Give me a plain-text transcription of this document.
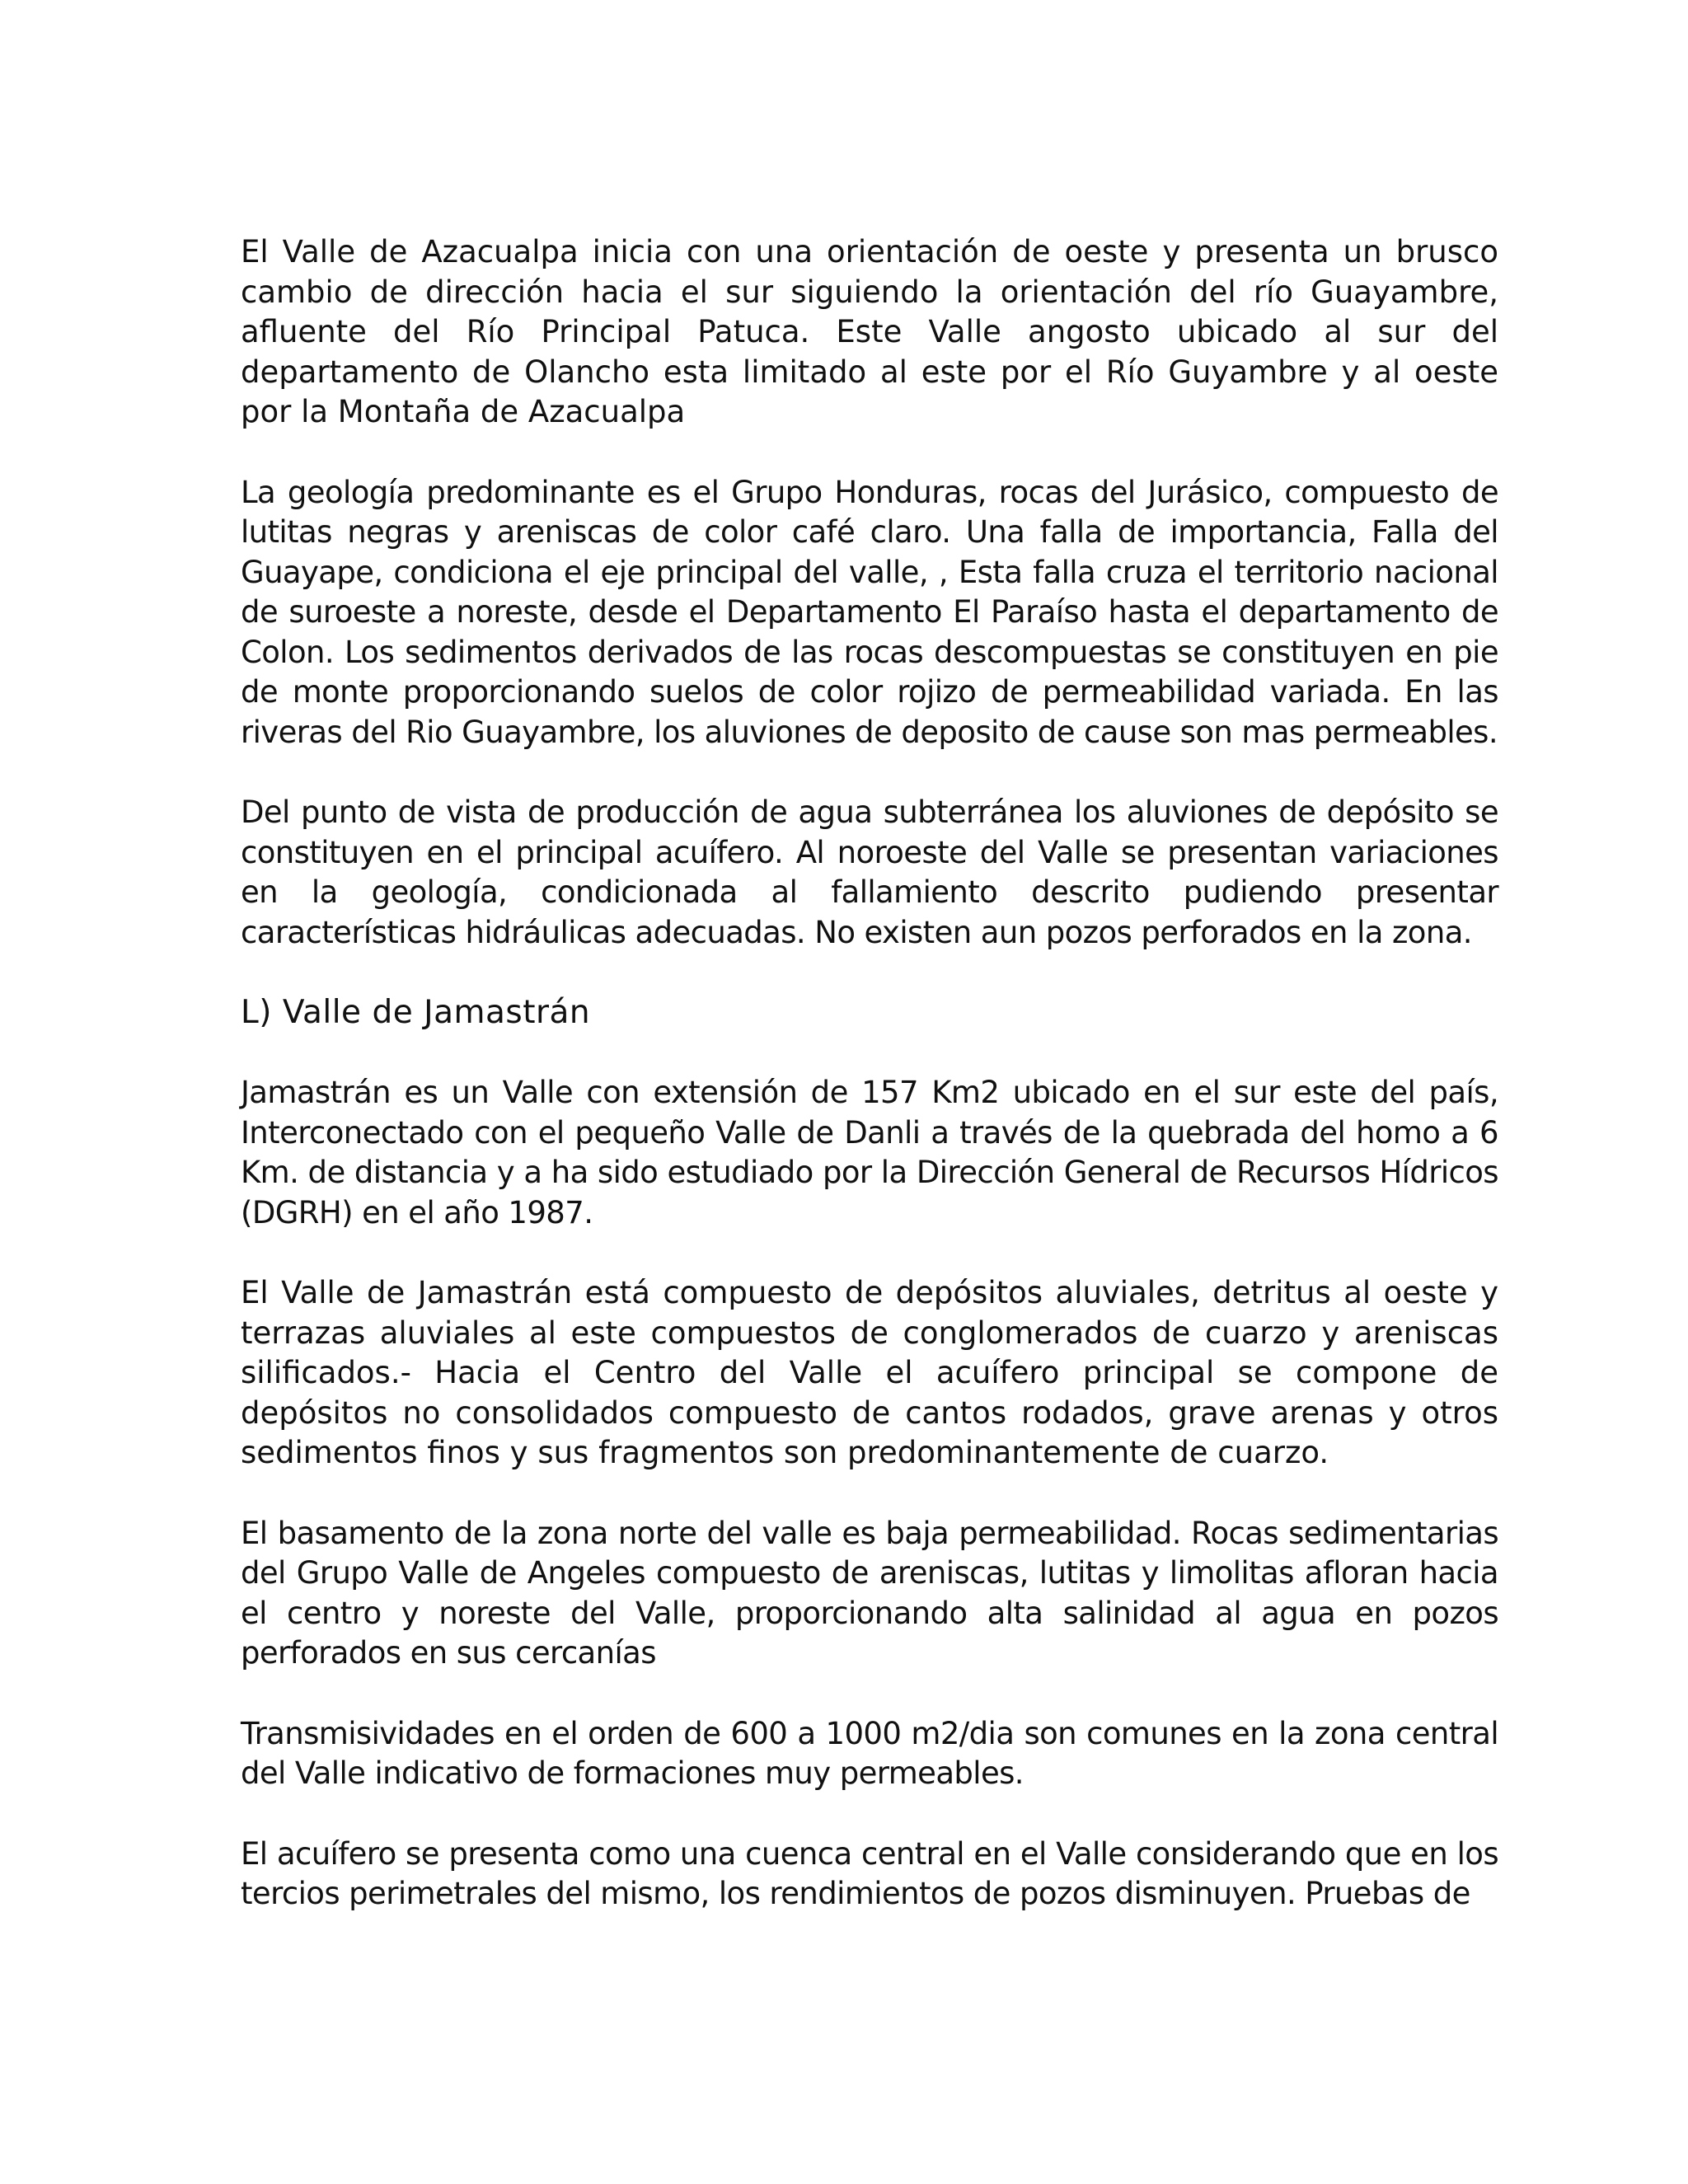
El Valle de Azacualpa inicia con una orientación de oeste y presenta un brusco cambio de dirección hacia el sur siguiendo la orientación del río Guayambre, afluente del Río Principal Patuca. Este Valle angosto ubicado al sur del departamento de Olancho esta limitado al este por el Río Guyambre y al oeste por la Montaña de Azacualpa

La geología predominante es el Grupo Honduras, rocas del Jurásico, compuesto de lutitas negras y areniscas de color café claro. Una falla de importancia, Falla del Guayape, condiciona el eje principal del valle, , Esta falla cruza el territorio nacional de suroeste a noreste, desde el Departamento El Paraíso hasta el departamento de Colon. Los sedimentos derivados de las rocas descompuestas se constituyen en pie de monte proporcionando suelos de color rojizo de permeabilidad variada. En las riveras del Rio Guayambre, los aluviones de deposito de cause son mas permeables.

Del punto de vista de producción de agua subterránea los aluviones de depósito se constituyen en el principal acuífero. Al noroeste del Valle se presentan variaciones en la geología, condicionada al fallamiento descrito pudiendo presentar características hidráulicas adecuadas. No existen aun pozos perforados en la zona.

L) Valle de Jamastrán

Jamastrán es un Valle con extensión de 157 Km2 ubicado en el sur este del país, Interconectado con el pequeño Valle de Danli a través de la quebrada del homo a 6 Km. de distancia y a ha sido estudiado por la Dirección General de Recursos Hídricos (DGRH) en el año 1987.

El Valle de Jamastrán está compuesto de depósitos aluviales, detritus al oeste y terrazas aluviales al este compuestos de conglomerados de cuarzo y areniscas silificados.- Hacia el Centro del Valle el acuífero principal se compone de depósitos no consolidados compuesto de cantos rodados, grave arenas y otros sedimentos finos y sus fragmentos son predominantemente de cuarzo.

El basamento de la zona norte del valle es baja permeabilidad. Rocas sedimentarias del Grupo Valle de Angeles compuesto de areniscas, lutitas y limolitas afloran hacia el centro y noreste del Valle, proporcionando alta salinidad al agua en pozos perforados en sus cercanías

Transmisividades en el orden de 600 a 1000 m2/dia son comunes en la zona central del Valle indicativo de formaciones muy permeables.

El acuífero se presenta como una cuenca central en el Valle considerando que en los tercios perimetrales del mismo, los rendimientos de pozos disminuyen. Pruebas de
